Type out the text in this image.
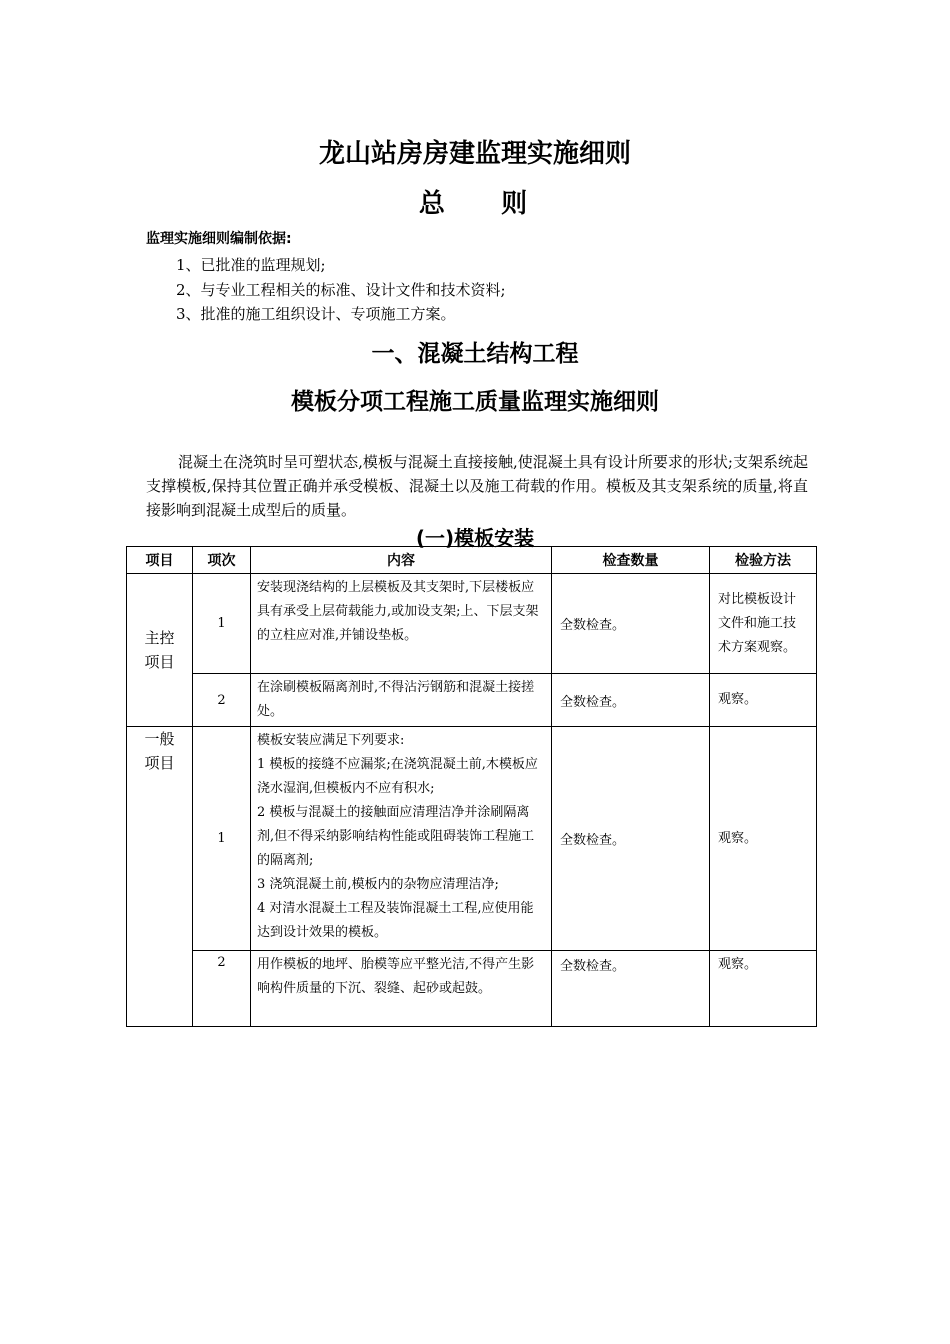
龙山站房房建监理实施细则
总    则
监理实施细则编制依据:
1、已批准的监理规划;
2、与专业工程相关的标准、设计文件和技术资料;
3、批准的施工组织设计、专项施工方案。
一、混凝土结构工程
模板分项工程施工质量监理实施细则
混凝土在浇筑时呈可塑状态,模板与混凝土直接接触,使混凝土具有设计所要求的形状;支架系统起支撑模板,保持其位置正确并承受模板、混凝土以及施工荷载的作用。模板及其支架系统的质量,将直接影响到混凝土成型后的质量。
(一)模板安装
项目	项次	内容	检查数量	检验方法
主控项目	1	安装现浇结构的上层模板及其支架时,下层楼板应具有承受上层荷载能力,或加设支架;上、下层支架的立柱应对准,并铺设垫板。	全数检查。	对比模板设计文件和施工技术方案观察。
	2	在涂刷模板隔离剂时,不得沾污钢筋和混凝土接搓处。	全数检查。	观察。
一般项目	1	模板安装应满足下列要求:
1 模板的接缝不应漏浆;在浇筑混凝土前,木模板应浇水湿润,但模板内不应有积水;
2 模板与混凝土的接触面应清理洁净并涂刷隔离剂,但不得采纳影响结构性能或阻碍装饰工程施工的隔离剂;
3 浇筑混凝土前,模板内的杂物应清理洁净;
4 对清水混凝土工程及装饰混凝土工程,应使用能达到设计效果的模板。	全数检查。	观察。
	2	用作模板的地坪、胎模等应平整光洁,不得产生影响构件质量的下沉、裂缝、起砂或起鼓。	全数检查。	观察。
